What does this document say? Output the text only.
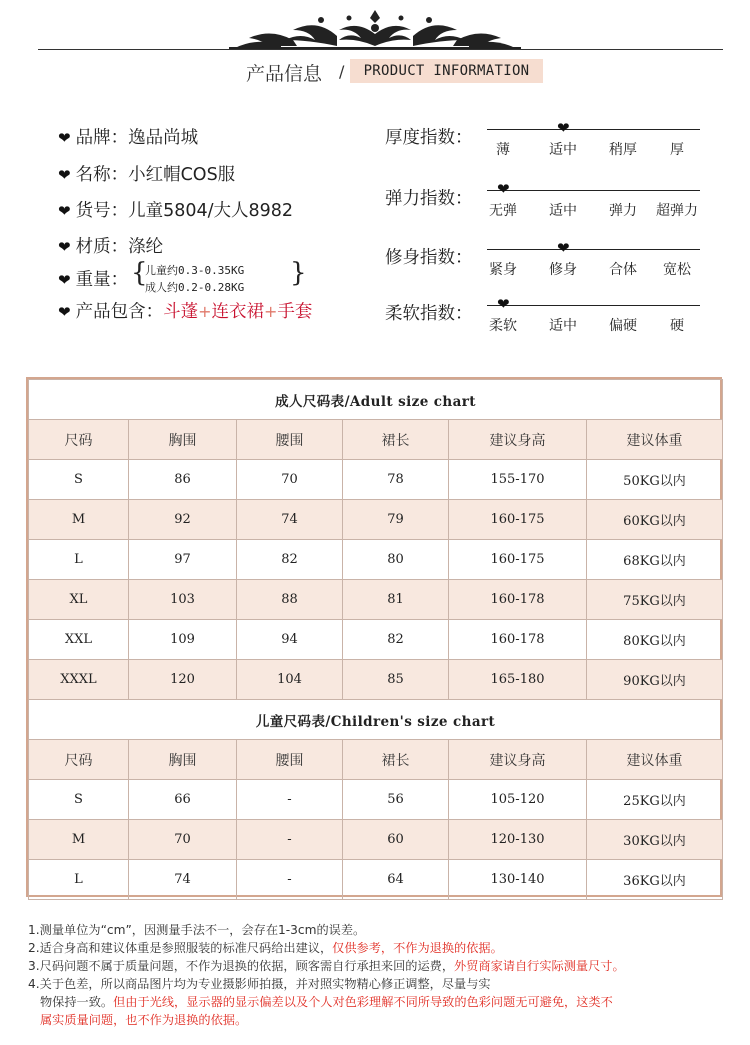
产品信息 /	PRODUCT INFORMATION
❤ 品牌：逸品尚城
❤ 名称：小红帽COS服
❤ 货号：儿童5804/大人8982
❤ 材质：涤纶
❤ 重量： {
儿童约0.3-0.35KG
成人约0.2-0.28KG }
❤ 产品包含：斗蓬+连衣裙+手套
厚度指数：	❤
薄	适中	稍厚	厚
弹力指数： ❤
无弹	适中	弹力	超弹力
修身指数：	❤
紧身	修身	合体	宽松
柔软指数： ❤
柔软	适中	偏硬	硬
成人尺码表/Adult size chart					
尺码	胸围	腰围	裙长	建议身高	建议体重
S	86	70	78	155-170	50KG以内
M	92	74	79	160-175	60KG以内
L	97	82	80	160-175	68KG以内
XL	103	88	81	160-178	75KG以内
XXL	109	94	82	160-178	80KG以内
XXXL	120	104	85	165-180	90KG以内
儿童尺码表/Children's size chart					
尺码	胸围	腰围	裙长	建议身高	建议体重
S	66	-	56	105-120	25KG以内
M	70	-	60	120-130	30KG以内
L	74	-	64	130-140	36KG以内
1.测量单位为“cm”，因测量手法不一，会存在1-3cm的误差。
2.适合身高和建议体重是参照服装的标准尺码给出建议，仅供参考，不作为退换的依据。
3.尺码问题不属于质量问题，不作为退换的依据，顾客需自行承担来回的运费，外贸商家请自行实际测量尺寸。
4.关于色差，所以商品图片均为专业摄影师拍摄，并对照实物精心修正调整，尽量与实
物保持一致。但由于光线，显示器的显示偏差以及个人对色彩理解不同所导致的色彩问题无可避免，这类不
属实质量问题，也不作为退换的依据。
